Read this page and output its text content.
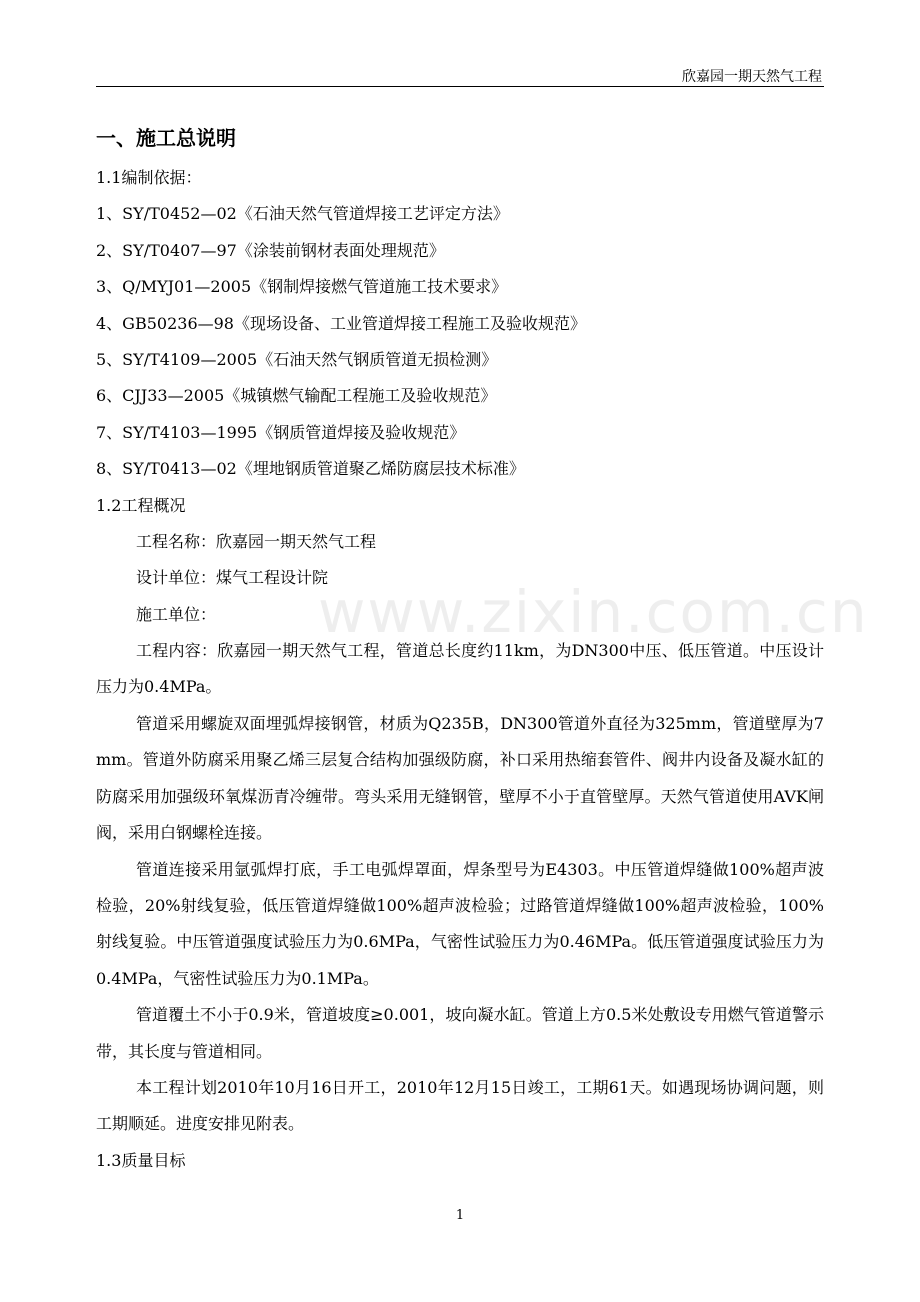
欣嘉园一期天然气工程
www.zixin.com.cn
一、施工总说明
1.1编制依据：
1、SY/T0452—02《石油天然气管道焊接工艺评定方法》
2、SY/T0407—97《涂装前钢材表面处理规范》
3、Q/MYJ01—2005《钢制焊接燃气管道施工技术要求》
4、GB50236—98《现场设备、工业管道焊接工程施工及验收规范》
5、SY/T4109—2005《石油天然气钢质管道无损检测》
6、CJJ33—2005《城镇燃气输配工程施工及验收规范》
7、SY/T4103—1995《钢质管道焊接及验收规范》
8、SY/T0413—02《埋地钢质管道聚乙烯防腐层技术标准》
1.2工程概况
工程名称：欣嘉园一期天然气工程
设计单位：煤气工程设计院
施工单位：

工程内容：欣嘉园一期天然气工程，管道总长度约11km，为DN300中压、低压管道。中压设计压力为0.4MPa。

管道采用螺旋双面埋弧焊接钢管，材质为Q235B，DN300管道外直径为325mm，管道壁厚为7 mm。管道外防腐采用聚乙烯三层复合结构加强级防腐，补口采用热缩套管件、阀井内设备及凝水缸的防腐采用加强级环氧煤沥青冷缠带。弯头采用无缝钢管，壁厚不小于直管壁厚。天然气管道使用AVK闸阀，采用白钢螺栓连接。

管道连接采用氩弧焊打底，手工电弧焊罩面，焊条型号为E4303。中压管道焊缝做100%超声波检验，20%射线复验，低压管道焊缝做100%超声波检验；过路管道焊缝做100%超声波检验，100%射线复验。中压管道强度试验压力为0.6MPa，气密性试验压力为0.46MPa。低压管道强度试验压力为0.4MPa，气密性试验压力为0.1MPa。

管道覆土不小于0.9米，管道坡度≥0.001，坡向凝水缸。管道上方0.5米处敷设专用燃气管道警示带，其长度与管道相同。

本工程计划2010年10月16日开工，2010年12月15日竣工，工期61天。如遇现场协调问题，则工期顺延。进度安排见附表。

1.3质量目标
1
